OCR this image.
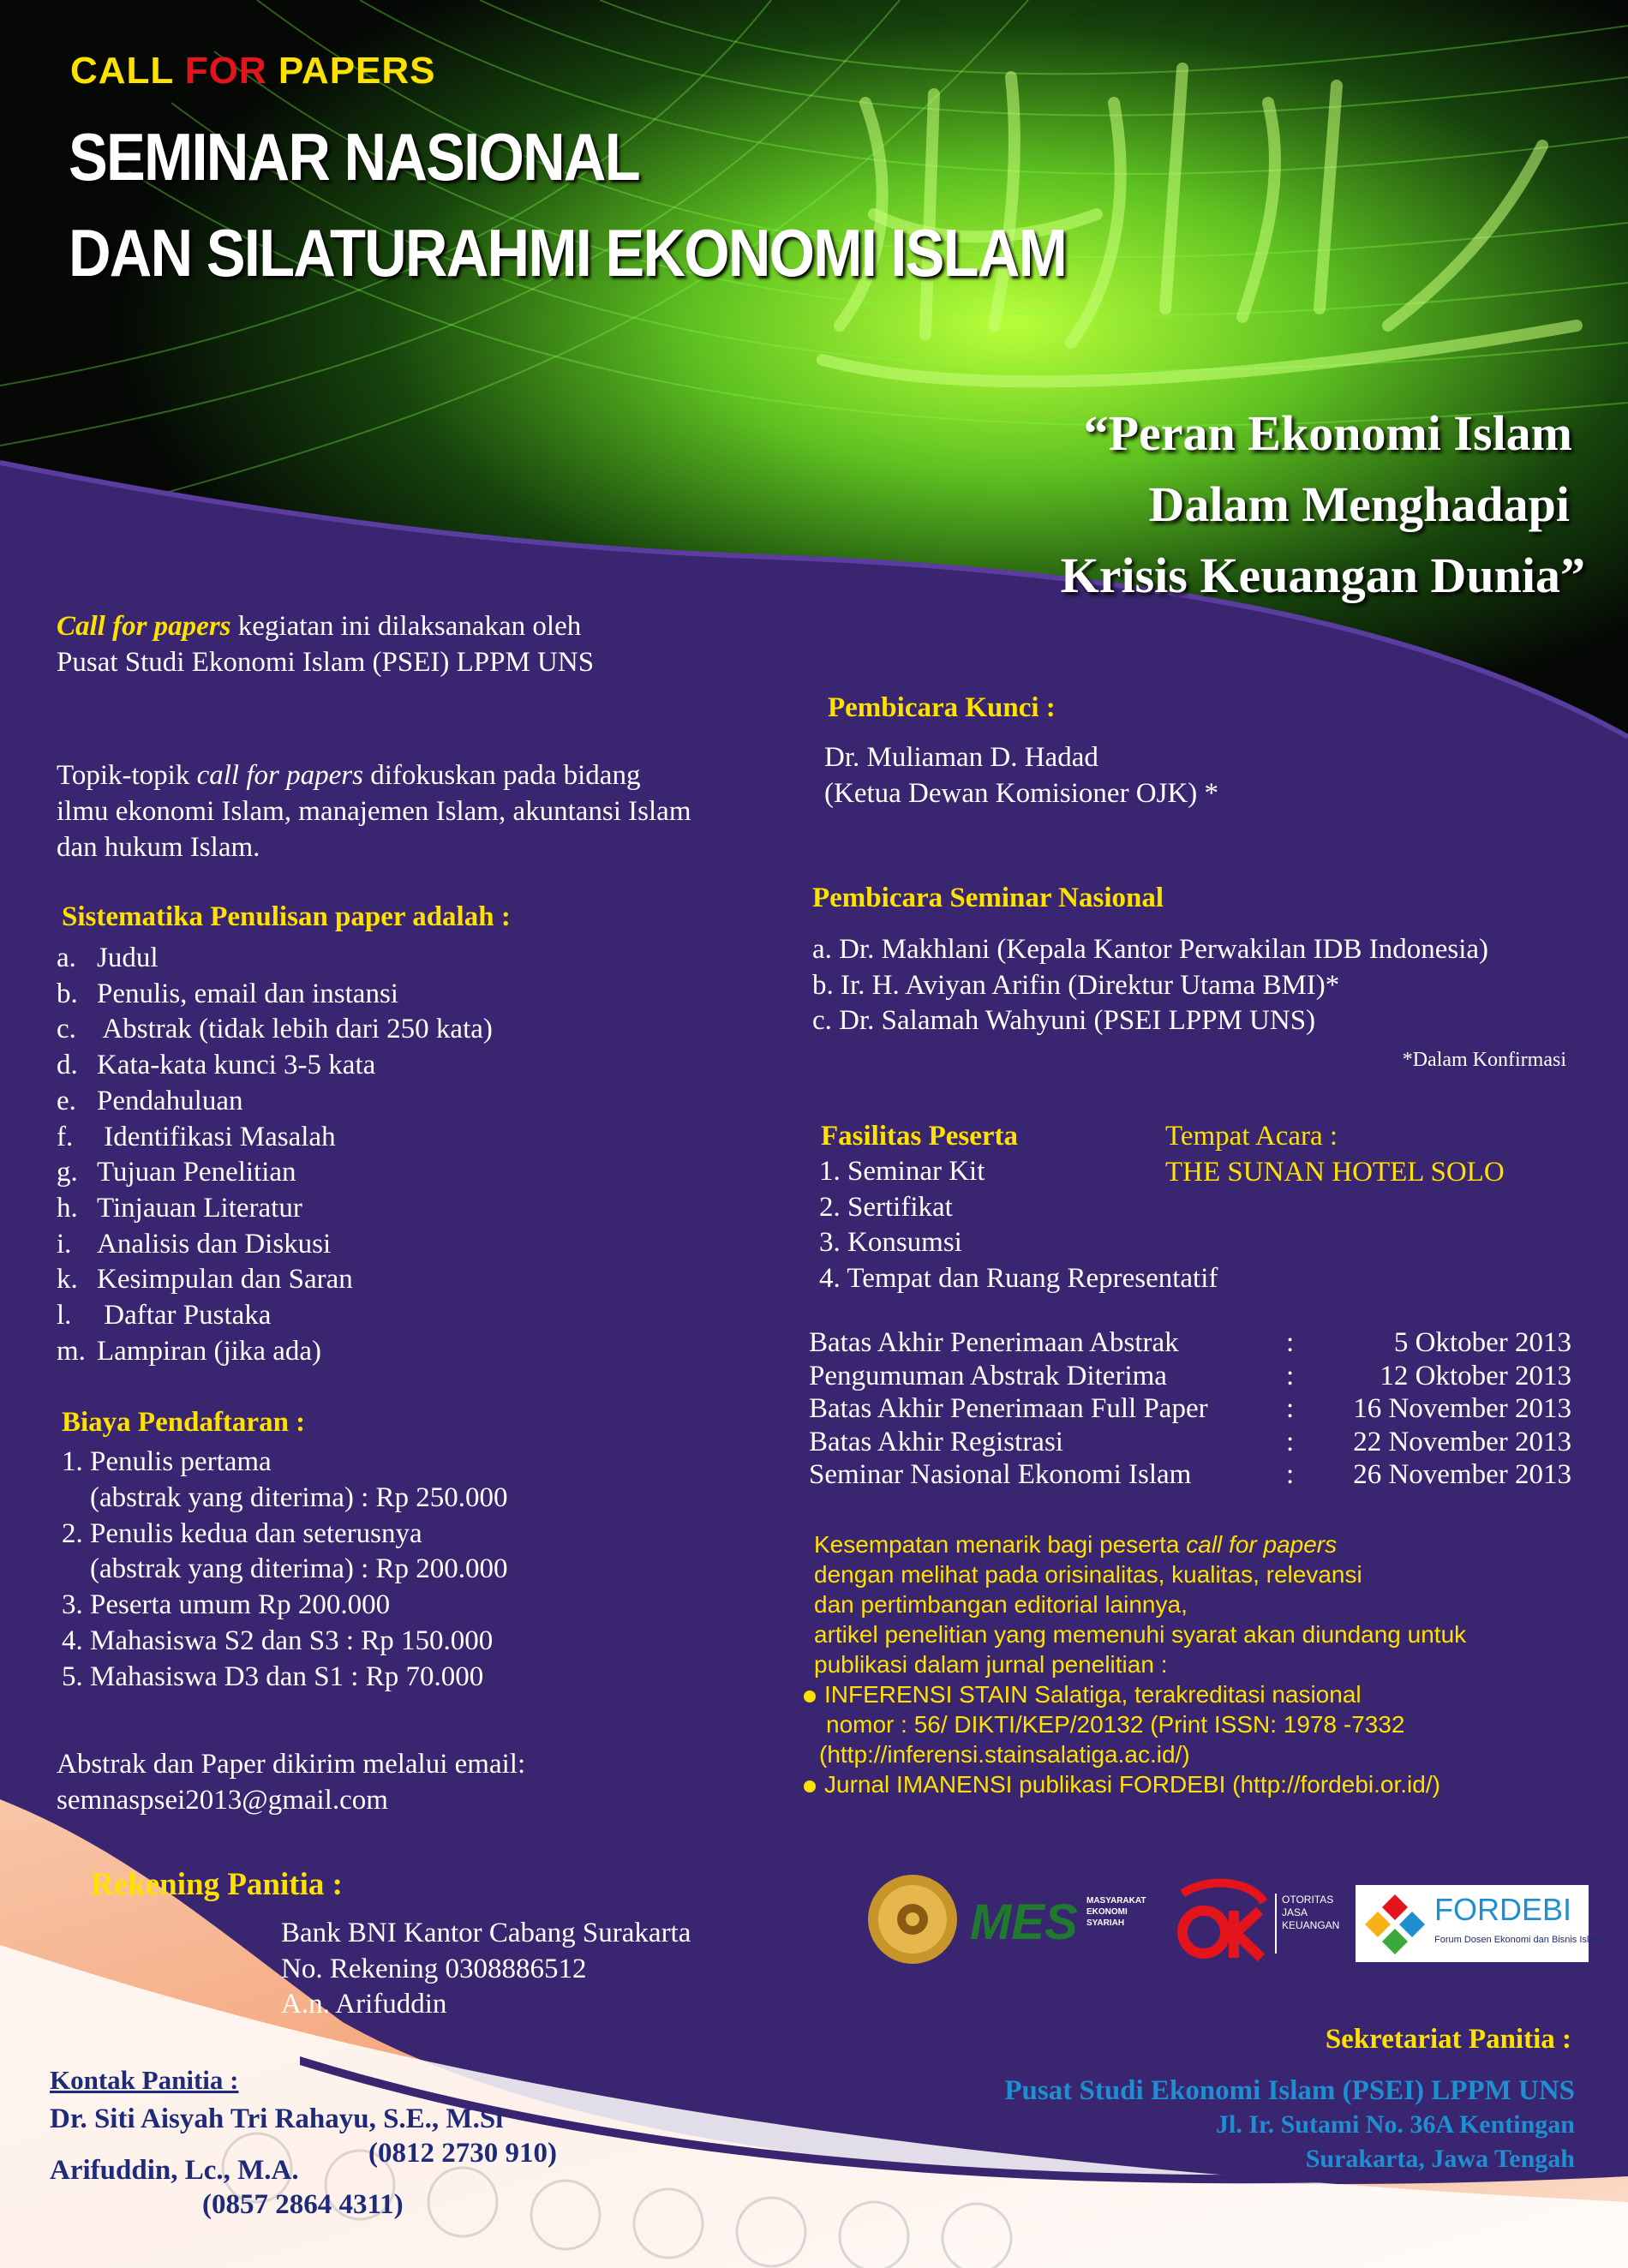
CALL FOR PAPERS
SEMINAR NASIONAL
DAN SILATURAHMI EKONOMI ISLAM
“Peran Ekonomi Islam
Dalam Menghadapi
Krisis Keuangan Dunia”
Call for papers kegiatan ini dilaksanakan oleh
Pusat Studi Ekonomi Islam (PSEI) LPPM UNS
Topik-topik call for papers difokuskan pada bidang
ilmu ekonomi Islam, manajemen Islam, akuntansi Islam
dan hukum Islam.
Sistematika Penulisan paper adalah :
a. Judul
b. Penulis, email dan instansi
c. Abstrak (tidak lebih dari 250 kata)
d. Kata-kata kunci 3-5 kata
e. Pendahuluan
f. Identifikasi Masalah
g. Tujuan Penelitian
h. Tinjauan Literatur
i. Analisis dan Diskusi
k. Kesimpulan dan Saran
l. Daftar Pustaka
m. Lampiran (jika ada)
Biaya Pendaftaran :
1. Penulis pertama
(abstrak yang diterima) : Rp 250.000
2. Penulis kedua dan seterusnya
(abstrak yang diterima) : Rp 200.000
3. Peserta umum Rp 200.000
4. Mahasiswa S2 dan S3 : Rp 150.000
5. Mahasiswa D3 dan S1 : Rp 70.000
Abstrak dan Paper dikirim melalui email:
semnaspsei2013@gmail.com
Rekening Panitia :
Bank BNI Kantor Cabang Surakarta
No. Rekening 0308886512
A.n. Arifuddin
Kontak Panitia :
Dr. Siti Aisyah Tri Rahayu, S.E., M.Si
(0812 2730 910)
Arifuddin, Lc., M.A.
(0857 2864 4311)
Pembicara Kunci :
Dr. Muliaman D. Hadad
(Ketua Dewan Komisioner OJK) *
Pembicara Seminar Nasional
a. Dr. Makhlani (Kepala Kantor Perwakilan IDB Indonesia)
b. Ir. H. Aviyan Arifin (Direktur Utama BMI)*
c. Dr. Salamah Wahyuni (PSEI LPPM UNS)
*Dalam Konfirmasi
Fasilitas Peserta
1. Seminar Kit
2. Sertifikat
3. Konsumsi
4. Tempat dan Ruang Representatif
Tempat Acara :
THE SUNAN HOTEL SOLO
Batas Akhir Penerimaan Abstrak	:	5 Oktober 2013
Pengumuman Abstrak Diterima	:	12 Oktober 2013
Batas Akhir Penerimaan Full Paper	: 16 November 2013
Batas Akhir Registrasi	: 22 November 2013
Seminar Nasional Ekonomi Islam	: 26 November 2013
Kesempatan menarik bagi peserta call for papers
dengan melihat pada orisinalitas, kualitas, relevansi
dan pertimbangan editorial lainnya,
artikel penelitian yang memenuhi syarat akan diundang untuk
publikasi dalam jurnal penelitian :
INFERENSI STAIN Salatiga, terakreditasi nasional
nomor : 56/ DIKTI/KEP/20132 (Print ISSN: 1978 -7332
(http://inferensi.stainsalatiga.ac.id/)
Jurnal IMANENSI publikasi FORDEBI (http://fordebi.or.id/)
MES MASYARAKAT
EKONOMI
SYARIAH
OTORITAS
JASA
KEUANGAN	FORDEBI
Forum Dosen Ekonomi dan Bisnis Islam
Sekretariat Panitia :
Pusat Studi Ekonomi Islam (PSEI) LPPM UNS
Jl. Ir. Sutami No. 36A Kentingan
Surakarta, Jawa Tengah
